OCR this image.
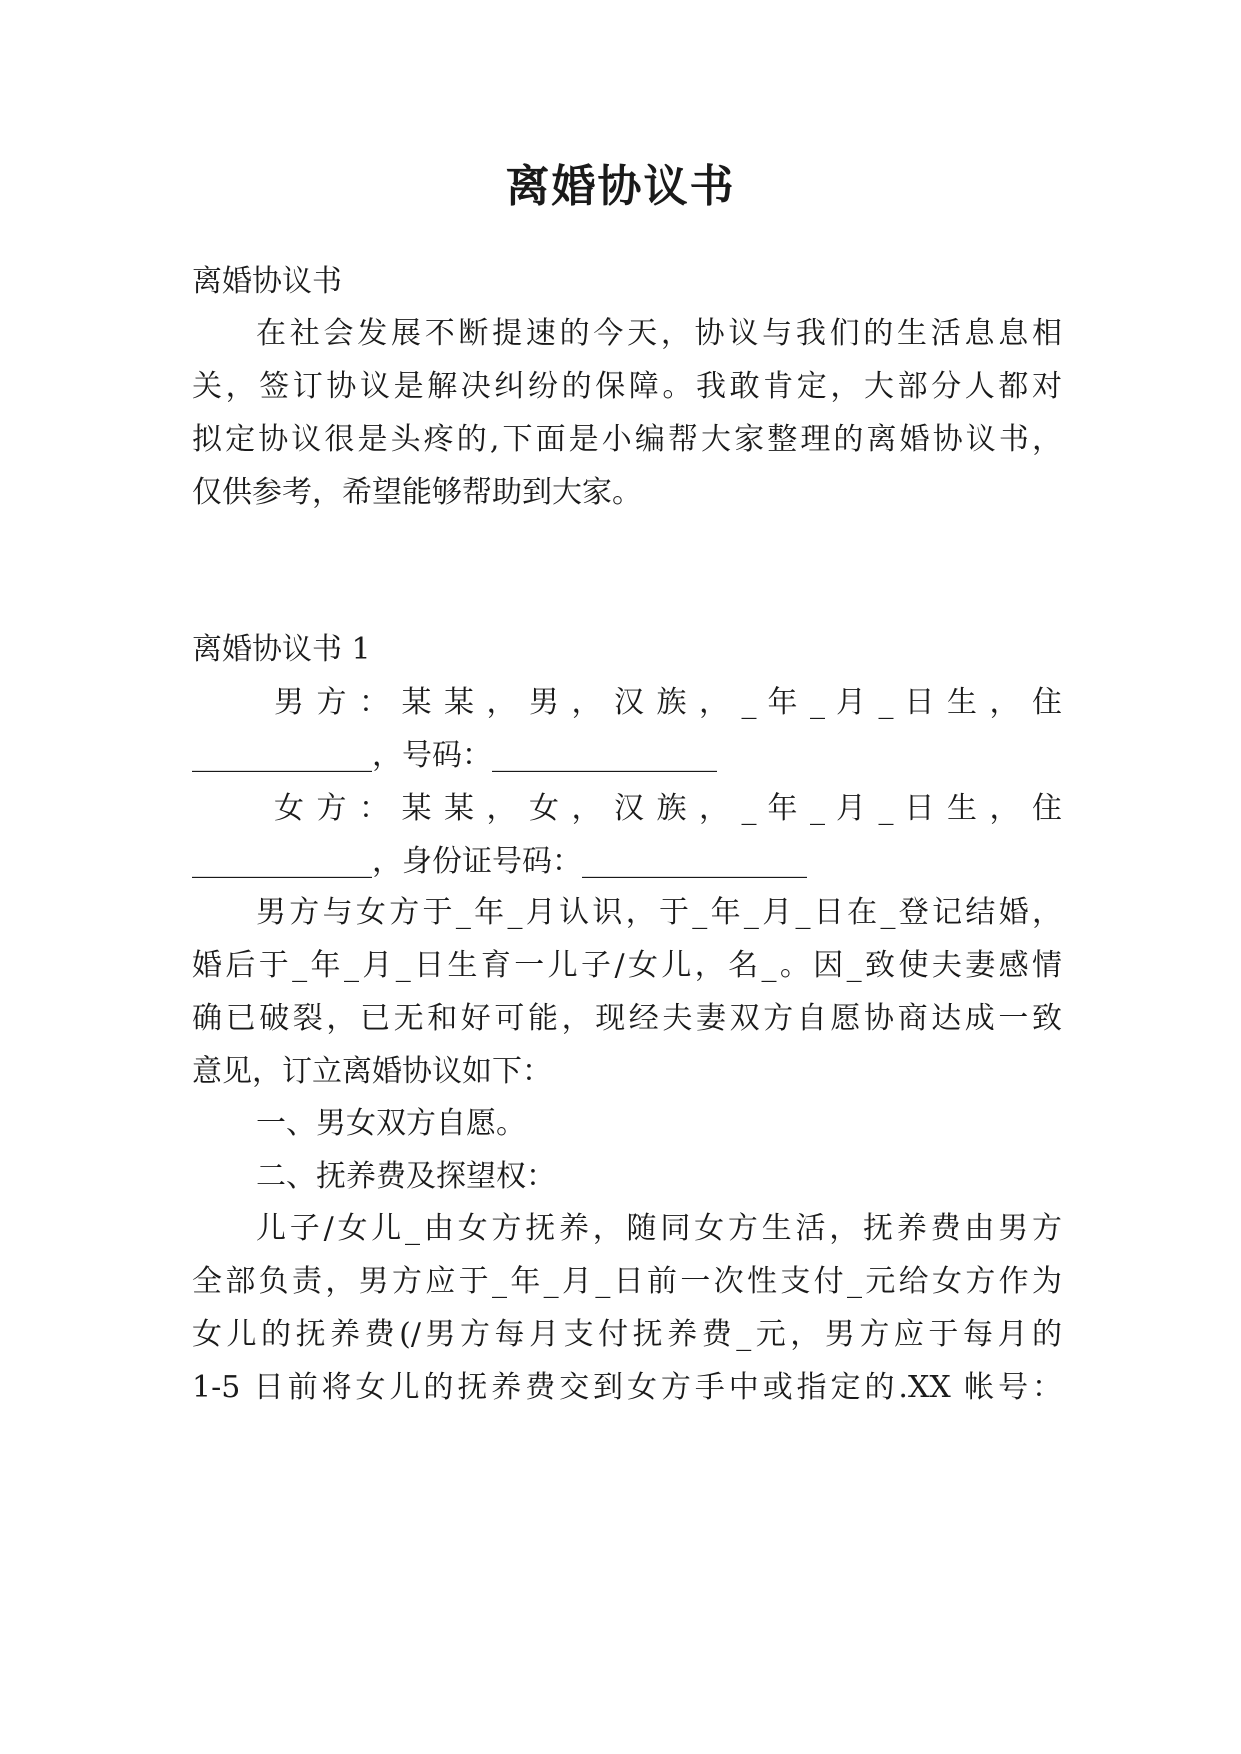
离婚协议书
离婚协议书
在社会发展不断提速的今天，协议与我们的生活息息相
关，签订协议是解决纠纷的保障。我敢肯定，大部分人都对
拟定协议很是头疼的,下面是小编帮大家整理的离婚协议书，
仅供参考，希望能够帮助到大家。
离婚协议书 1
男 方 ： 某 某 ， 男 ， 汉 族 ， _ 年 _ 月 _ 日 生 ， 住
____________，号码：_______________
女 方 ： 某 某 ， 女 ， 汉 族 ， _ 年 _ 月 _ 日 生 ， 住
____________，身份证号码：_______________
男方与女方于_年_月认识，于_年_月_日在_登记结婚，
婚后于_年_月_日生育一儿子/女儿，名_。因_致使夫妻感情
确已破裂，已无和好可能，现经夫妻双方自愿协商达成一致
意见，订立离婚协议如下：
一、男女双方自愿。
二、抚养费及探望权：
儿子/女儿_由女方抚养，随同女方生活，抚养费由男方
全部负责，男方应于_年_月_日前一次性支付_元给女方作为
女儿的抚养费(/男方每月支付抚养费_元，男方应于每月的
1-5 日前将女儿的抚养费交到女方手中或指定的.XX 帐号：
